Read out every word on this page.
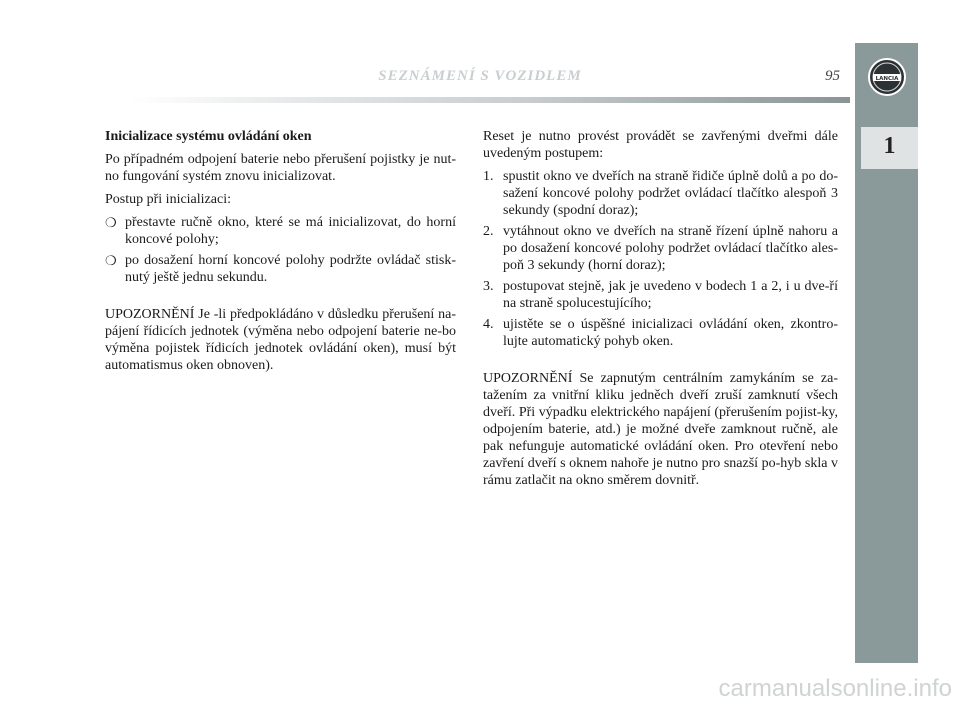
LANCIA
1
SEZNÁMENÍ S VOZIDLEM	95

Inicializace systému ovládání oken

Po případném odpojení baterie nebo přerušení pojistky je nut-no fungování systém znovu inicializovat.

Postup při inicializaci:

❍ přestavte ručně okno, které se má inicializovat, do horní koncové polohy;
❍ po dosažení horní koncové polohy podržte ovládač stisk-nutý ještě jednu sekundu.

UPOZORNĚNÍ Je -li předpokládáno v důsledku přerušení na-pájení řídicích jednotek (výměna nebo odpojení baterie ne-bo výměna pojistek řídicích jednotek ovládání oken), musí být automatismus oken obnoven).

Reset je nutno provést provádět se zavřenými dveřmi dále uvedeným postupem:

1. spustit okno ve dveřích na straně řidiče úplně dolů a po do-sažení koncové polohy podržet ovládací tlačítko alespoň 3 sekundy (spodní doraz);
2. vytáhnout okno ve dveřích na straně řízení úplně nahoru a po dosažení koncové polohy podržet ovládací tlačítko ales-poň 3 sekundy (horní doraz);
3. postupovat stejně, jak je uvedeno v bodech 1 a 2, i u dve-ří na straně spolucestujícího;
4. ujistěte se o úspěšné inicializaci ovládání oken, zkontro-lujte automatický pohyb oken.

UPOZORNĚNÍ Se zapnutým centrálním zamykáním se za-tažením za vnitřní kliku jedněch dveří zruší zamknutí všech dveří. Při výpadku elektrického napájení (přerušením pojist-ky, odpojením baterie, atd.) je možné dveře zamknout ručně, ale pak nefunguje automatické ovládání oken. Pro otevření nebo zavření dveří s oknem nahoře je nutno pro snazší po-hyb skla v rámu zatlačit na okno směrem dovnitř.

carmanualsonline.info
